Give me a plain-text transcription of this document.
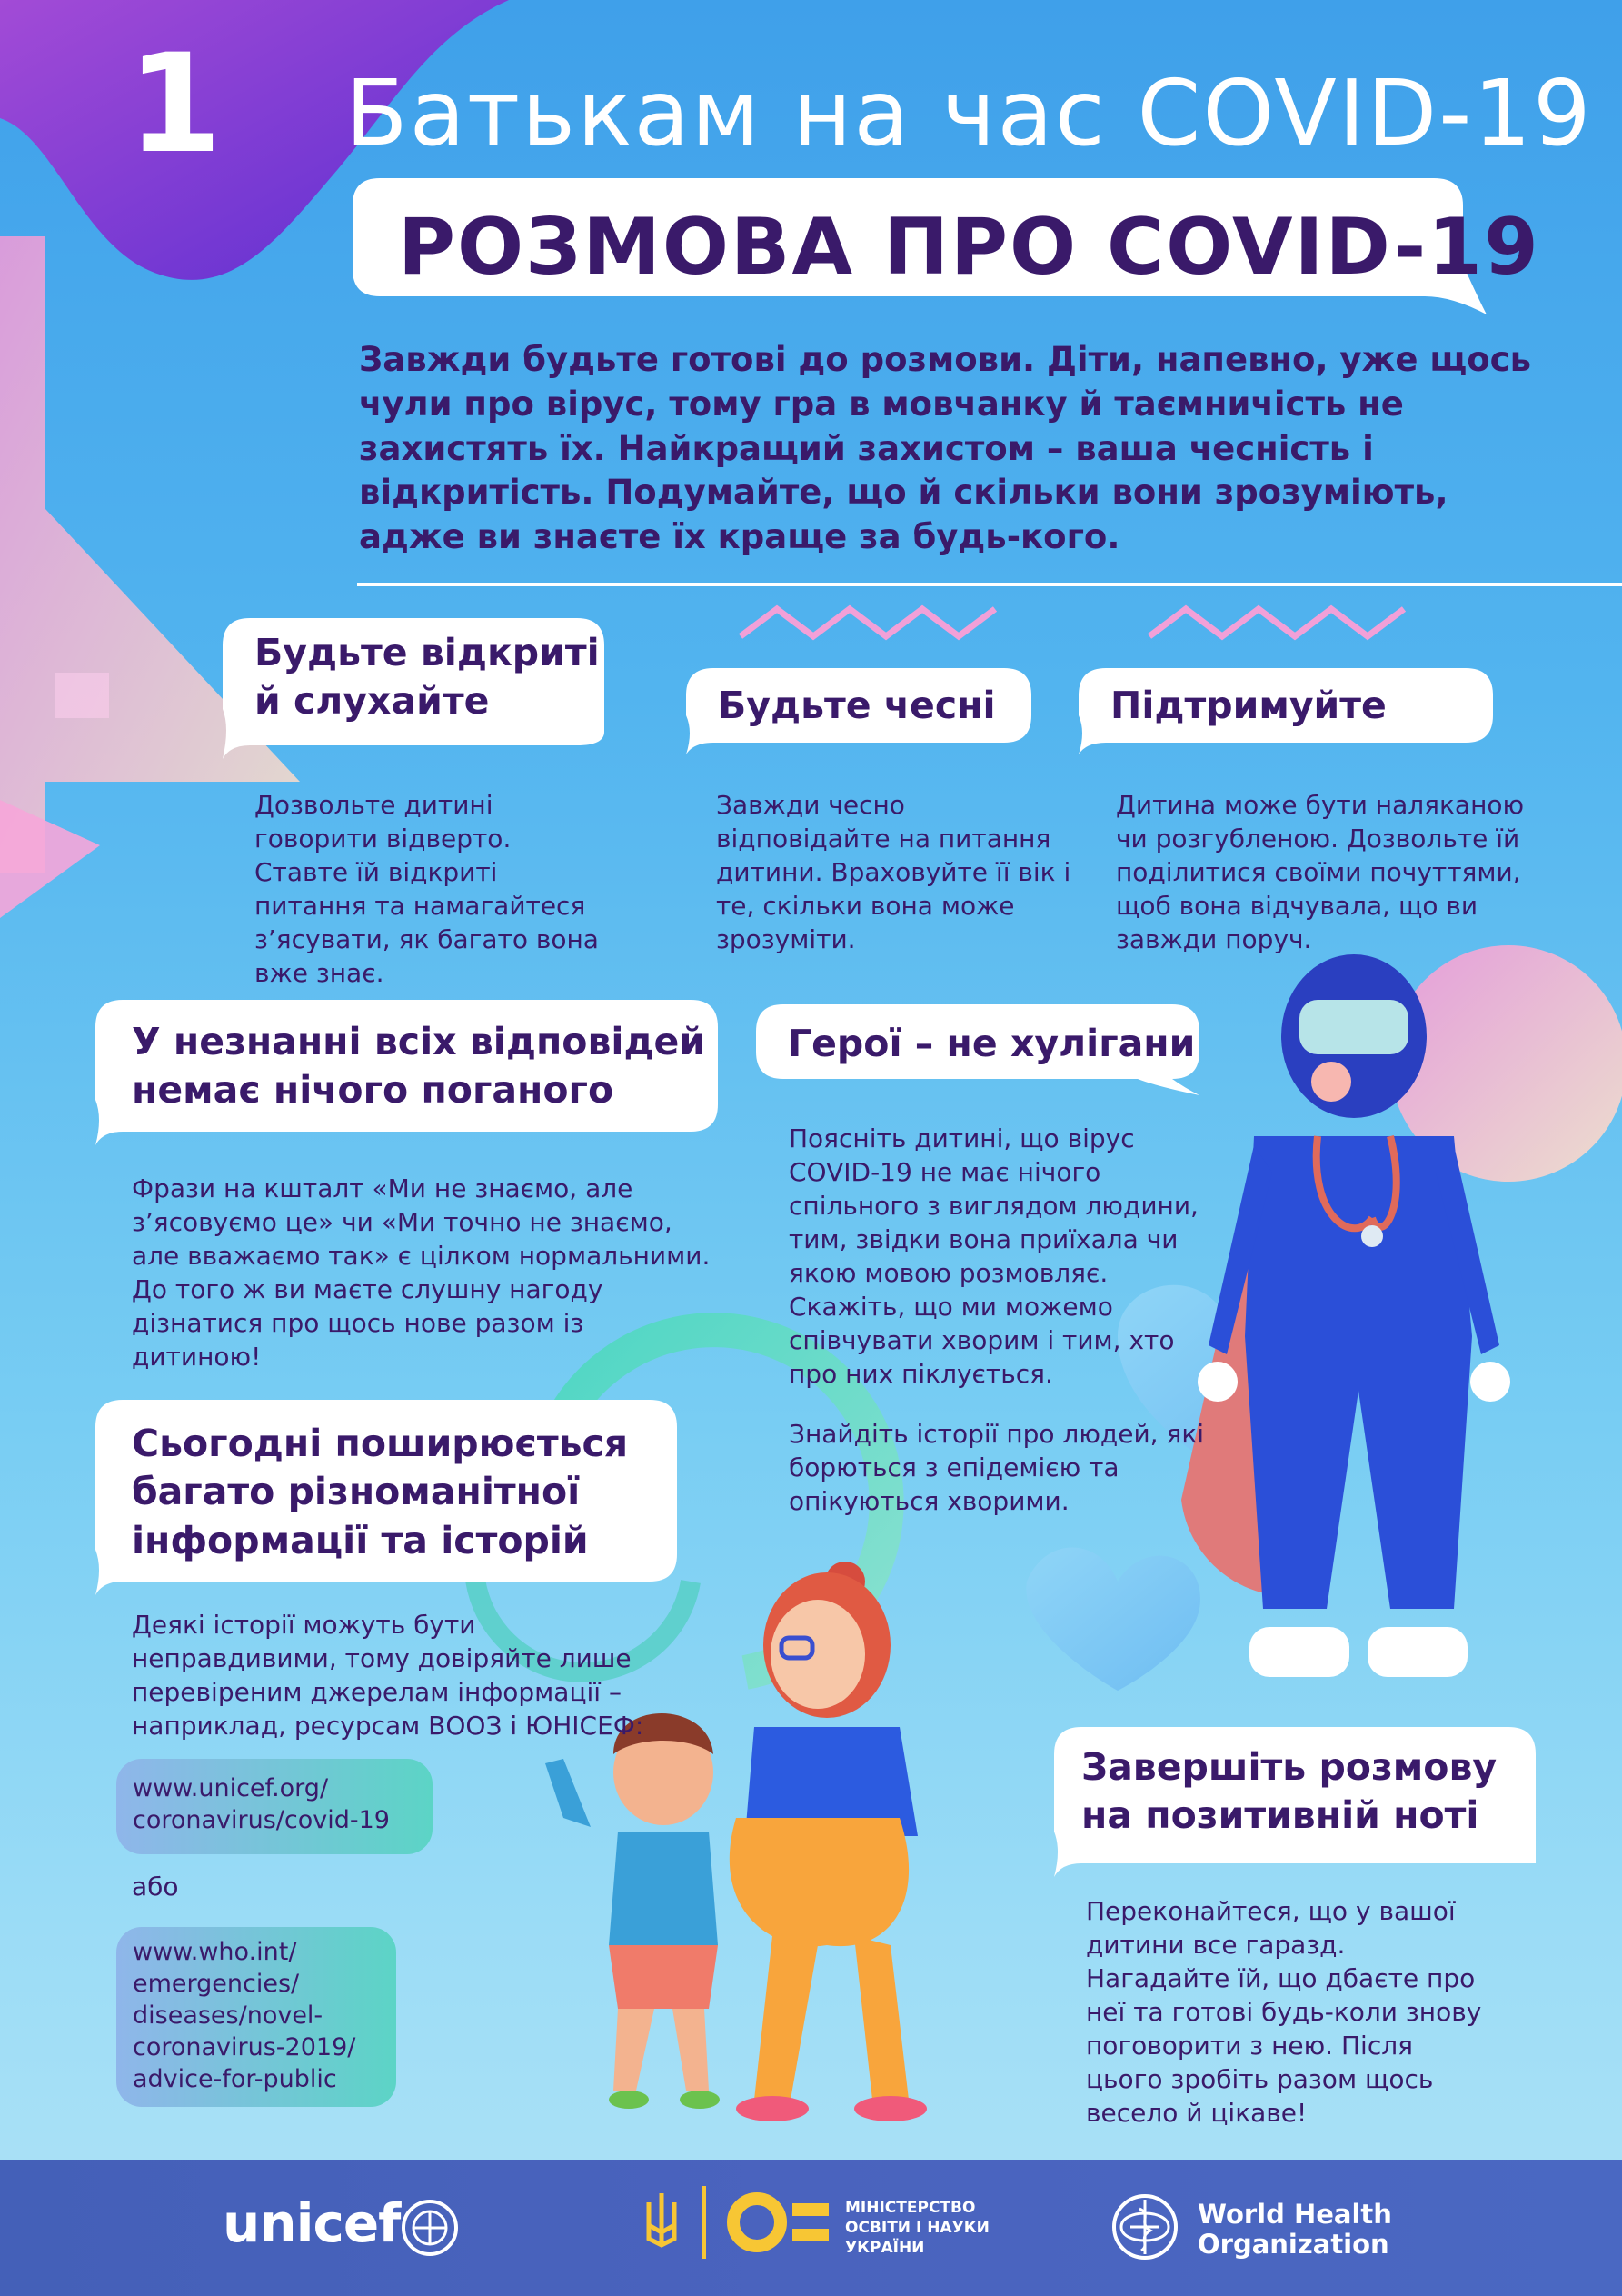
1 Батькам на час COVID-19
РОЗМОВА ПРО COVID-19
Завжди будьте готові до розмови. Діти, напевно, уже щось чули про вірус, тому гра в мовчанку й таємничість не захистять їх. Найкращий захистом – ваша чесність і відкритість. Подумайте, що й скільки вони зрозуміють, адже ви знаєте їх краще за будь-кого.
Будьте відкриті
й слухайте
Дозвольте дитині говорити відверто. Ставте їй відкриті питання та намагайтеся з’ясувати, як багато вона вже знає.
Будьте чесні
Завжди чесно відповідайте на питання дитини. Враховуйте її вік і те, скільки вона може зрозуміти.
Підтримуйте
Дитина може бути наляканою чи розгубленою. Дозвольте їй поділитися своїми почуттями, щоб вона відчувала, що ви завжди поруч.
У незнанні всіх відповідей
немає нічого поганого
Фрази на кшталт «Ми не знаємо, але з’ясовуємо це» чи «Ми точно не знаємо, але вважаємо так» є цілком нормальними. До того ж ви маєте слушну нагоду дізнатися про щось нове разом із дитиною!
Герої – не хулігани
Поясніть дитині, що вірус COVID-19 не має нічого спільного з виглядом людини, тим, звідки вона приїхала чи якою мовою розмовляє. Скажіть, що ми можемо співчувати хворим і тим, хто про них піклується.
Знайдіть історії про людей, які борються з епідемією та опікуються хворими.
Сьогодні поширюється
багато різноманітної
інформації та історій
Деякі історії можуть бути неправдивими, тому довіряйте лише перевіреним джерелам інформації – наприклад, ресурсам ВООЗ і ЮНІСЕФ:
www.unicef.org/
coronavirus/covid-19
або
www.who.int/
emergencies/
diseases/novel-
coronavirus-2019/
advice-for-public
Завершіть розмову
на позитивній ноті
Переконайтеся, що у вашої дитини все гаразд. Нагадайте їй, що дбаєте про неї та готові будь-коли знову поговорити з нею. Після цього зробіть разом щось весело й цікаве!
unicef	МІНІСТЕРСТВО
ОСВІТИ І НАУКИ
УКРАЇНИ
World Health
Organization
